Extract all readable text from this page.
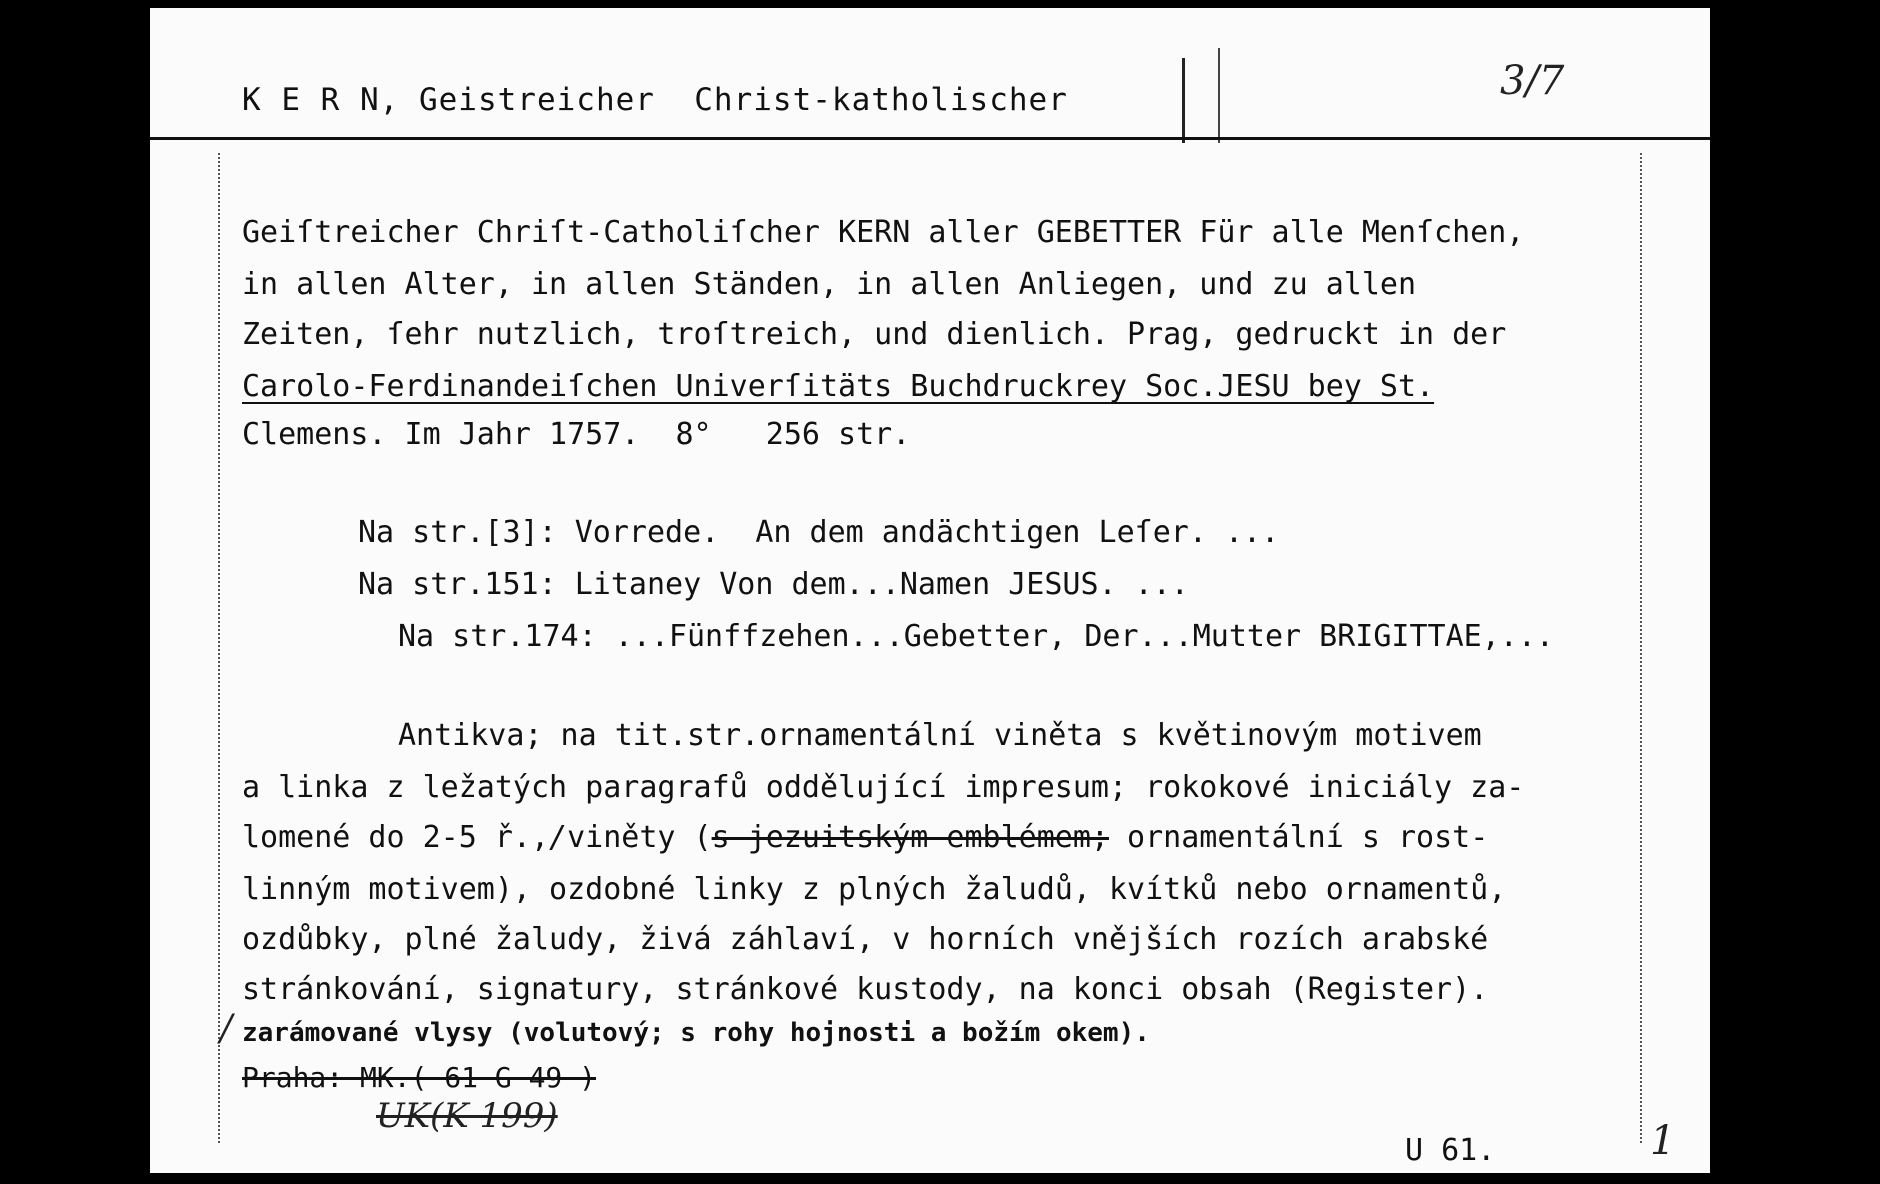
K E R N, Geistreicher  Christ-katholischer	3/7
Geiſtreicher Chriſt-Catholiſcher KERN aller GEBETTER Für alle Menſchen,
in allen Alter, in allen Ständen, in allen Anliegen, und zu allen
Zeiten, ſehr nutzlich, troſtreich, und dienlich. Prag, gedruckt in der
Carolo-Ferdinandeiſchen Univerſitäts Buchdruckrey Soc.JESU bey St.
Clemens. Im Jahr 1757.  8°   256 str.
Na str.[3]: Vorrede.  An dem andächtigen Leſer. ...
Na str.151: Litaney Von dem...Namen JESUS. ...
Na str.174: ...Fünffzehen...Gebetter, Der...Mutter BRIGITTAE,...
Antikva; na tit.str.ornamentální viněta s květinovým motivem
a linka z ležatých paragrafů oddělující impresum; rokokové iniciály za-
lomené do 2-5 ř.,/viněty (s jezuitským emblémem; ornamentální s rost-
linným motivem), ozdobné linky z plných žaludů, kvítků nebo ornamentů,
ozdůbky, plné žaludy, živá záhlaví, v horních vnějších rozích arabské
stránkování, signatury, stránkové kustody, na konci obsah (Register).
/ zarámované vlysy (volutový; s rohy hojnosti a božím okem).
Praha: MK.( 61 G 49 )
UK(K 199)
U 61.	1
